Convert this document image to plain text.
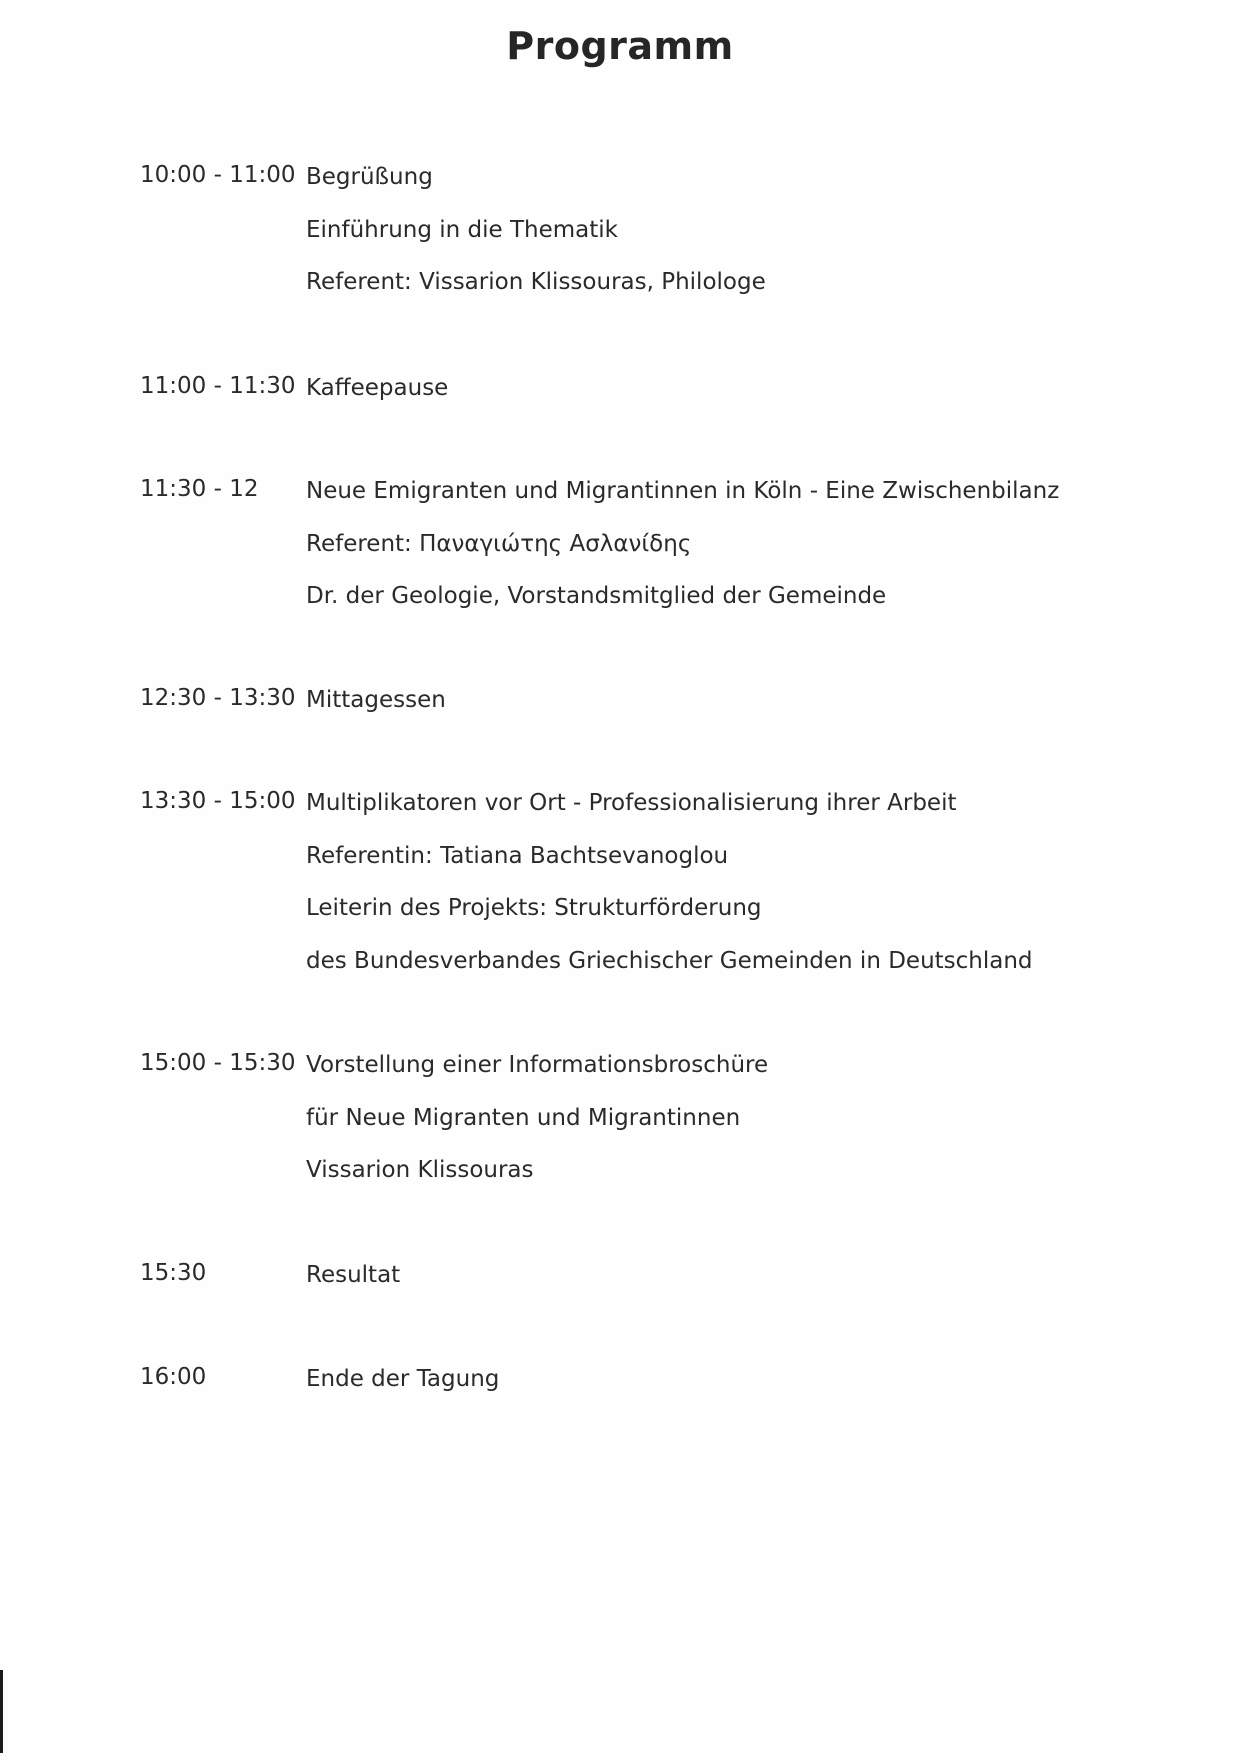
Programm
10:00 - 11:00 Begrüßung
Einführung in die Thematik
Referent: Vissarion Klissouras, Philologe
11:00 - 11:30 Kaffeepause
11:30 - 12 Neue Emigranten und Migrantinnen in Köln - Eine Zwischenbilanz
Referent: Παναγιώτης Ασλανίδης
Dr. der Geologie, Vorstandsmitglied der Gemeinde
12:30 - 13:30 Mittagessen
13:30 - 15:00 Multiplikatoren vor Ort - Professionalisierung ihrer Arbeit
Referentin: Tatiana Bachtsevanoglou
Leiterin des Projekts: Strukturförderung
des Bundesverbandes Griechischer Gemeinden in Deutschland
15:00 - 15:30 Vorstellung einer Informationsbroschüre
für Neue Migranten und Migrantinnen
Vissarion Klissouras
15:30	Resultat
16:00	Ende der Tagung
